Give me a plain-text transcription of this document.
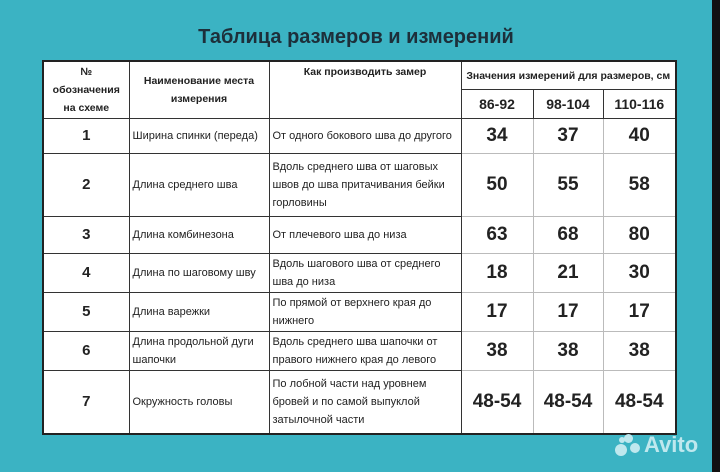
Таблица размеров и измерений
№ обозначения на схеме	Наименование места измерения	Как производить замер	Значения измерений для размеров, см		
			86-92	98-104	110-116
1	Ширина спинки (переда)	От одного бокового шва до другого	34	37	40
2	Длина среднего шва	Вдоль среднего шва от шаговых швов до шва притачивания бейки горловины	50	55	58
3	Длина комбинезона	От плечевого шва до низа	63	68	80
4	Длина по шаговому шву	Вдоль шагового шва от среднего шва до низа	18	21	30
5	Длина варежки	По прямой от верхнего края до нижнего	17	17	17
6	Длина продольной дуги шапочки	Вдоль среднего шва шапочки от правого нижнего края до левого	38	38	38
7	Окружность головы	По лобной части над уровнем бровей и по самой выпуклой затылочной части	48-54	48-54	48-54
Avito
